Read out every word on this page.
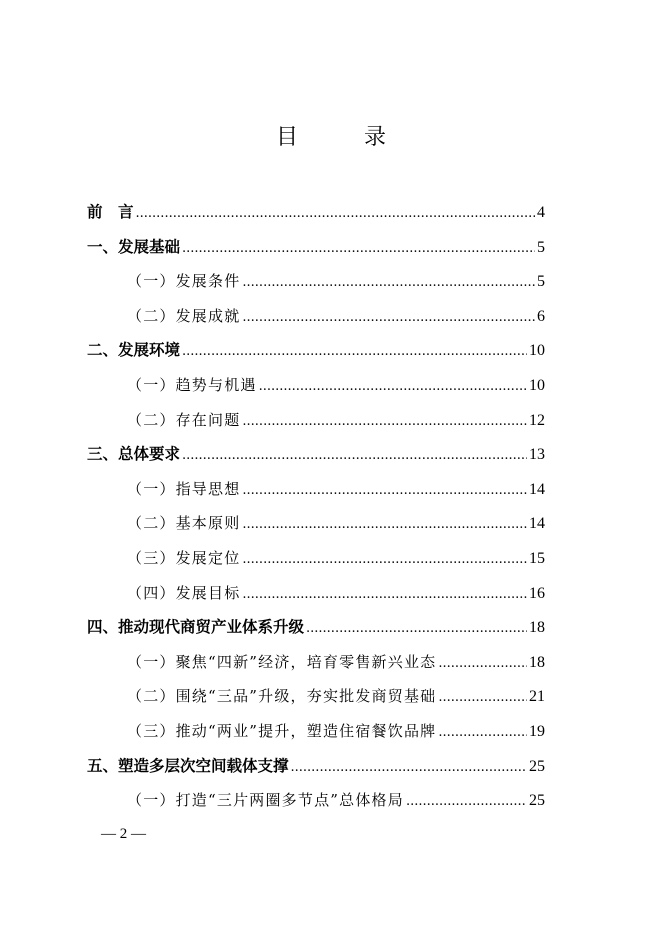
目　录
前　言 .....	4
一、发展基础 .....	5
（一）发展条件 .....	5
（二）发展成就 .....	6
二、发展环境 .....	10
（一）趋势与机遇 .....	10
（二）存在问题 .....	12
三、总体要求 .....	13
（一）指导思想 .....	14
（二）基本原则 .....	14
（三）发展定位 .....	15
（四）发展目标 .....	16
四、推动现代商贸产业体系升级 .....	18
（一）聚焦“四新”经济，培育零售新兴业态 .....	18
（二）围绕“三品”升级，夯实批发商贸基础 .....	21
（三）推动“两业”提升，塑造住宿餐饮品牌 .....	19
五、塑造多层次空间载体支撑 .....	25
（一）打造“三片两圈多节点”总体格局 .....	25
— 2 —
